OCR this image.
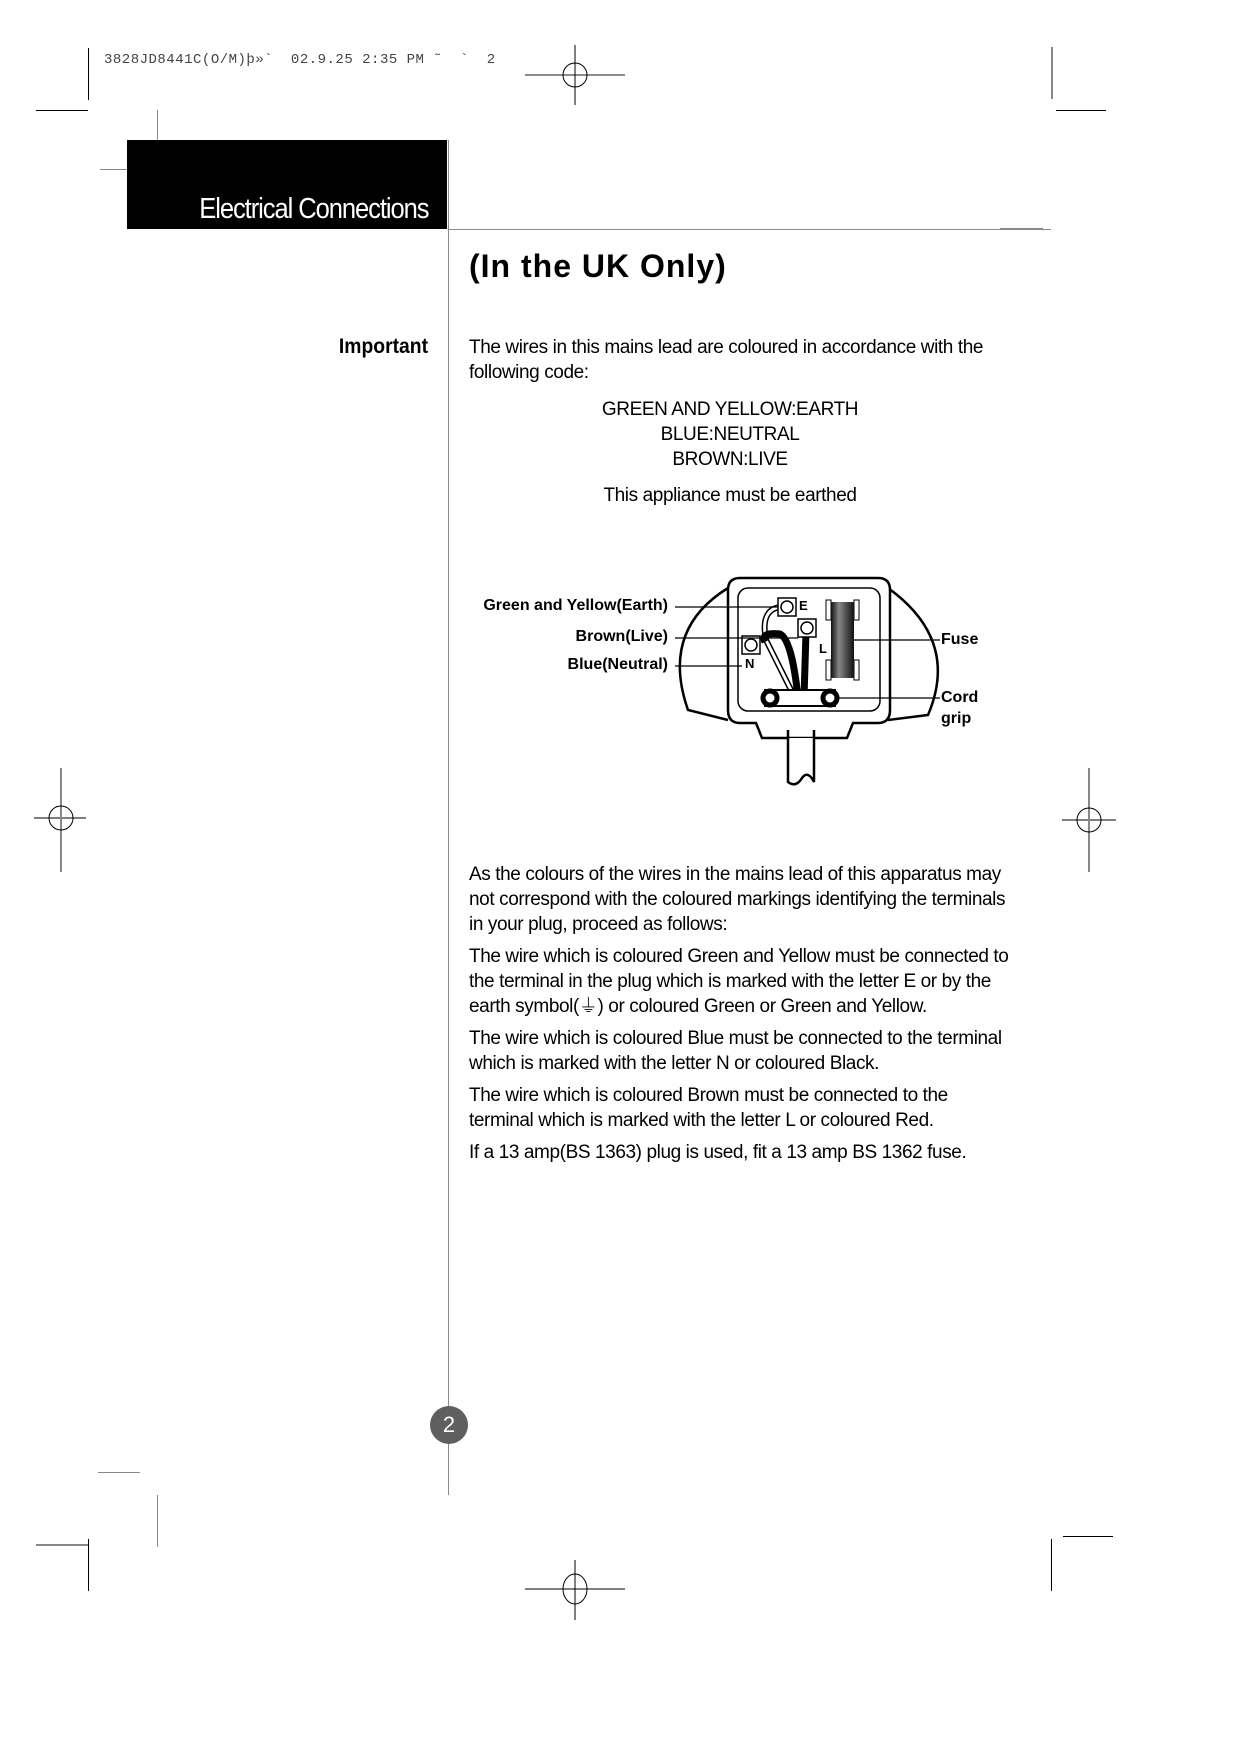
3828JD8441C(O/M)þ»`  02.9.25 2:35 PM ˜  `  2
Electrical Connections
(In the UK Only)
Important The wires in this mains lead are coloured in accordance with the following code:

GREEN AND YELLOW:EARTH
BLUE:NEUTRAL
BROWN:LIVE
This appliance must be earthed
E
L
N
Green and Yellow(Earth)
Brown(Live)
Blue(Neutral)
Fuse
Cord
grip

As the colours of the wires in the mains lead of this apparatus may not correspond with the coloured markings identifying the terminals in your plug, proceed as follows:

The wire which is coloured Green and Yellow must be connected to the terminal in the plug which is marked with the letter E or by the earth symbol(⏚) or coloured Green or Green and Yellow.

The wire which is coloured Blue must be connected to the terminal which is marked with the letter N or coloured Black.

The wire which is coloured Brown must be connected to the terminal which is marked with the letter L or coloured Red.

If a 13 amp(BS 1363) plug is used, fit a 13 amp BS 1362 fuse.

2
